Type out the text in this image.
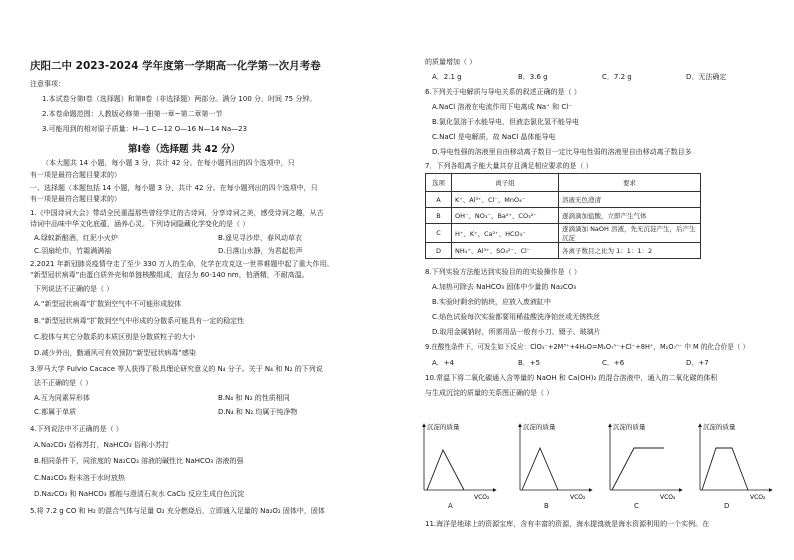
庆阳二中 2023-2024 学年度第一学期高一化学第一次月考卷
注意事项：
1.本试卷分第Ⅰ卷（选择题）和第Ⅱ卷（非选择题）两部分。满分 100 分，时间 75 分钟。
2.本卷命题范围：人教版必修第一册第一章~第二章第一节
3.可能用到的相对原子质量：H—1 C—12 O—16 N—14 Na—23
第Ⅰ卷（选择题 共 42 分）
（本大题共 14 小题，每小题 3 分，共计 42 分。在每小题列出的四个选项中，只
有一项是最符合题目要求的）
一、选择题（本题包括 14 小题，每小题 3 分，共计 42 分。在每小题列出的四个选项中，只
有一项是最符合题目要求的）
1.《中国诗词大会》带动全民重温那些曾经学过的古诗词，分享诗词之美，感受诗词之趣，从古
诗词中品味中华文化底蕴，涵养心灵。下列诗词隐藏化学变化的是（ ）
A.绿蚁新醅酒，红泥小火炉	B.遥见寻沙岸，春风动草衣
C.羽扇纶巾，竹霜满满袖	D.日落山水静，为君起松声
2.2021 年新冠肺炎疫情夺走了至少 330 万人的生命，化学在攻克这一世界难题中起了重大作用。
“新型冠状病毒”由蛋白质外壳和单链核酸组成，直径为 60-140 nm，怕酒精，不耐高温。
下列说法不正确的是（ ）
A.“新型冠状病毒”扩散到空气中不可能形成胶体
B.“新型冠状病毒”扩散到空气中形成的分散系可能具有一定的稳定性
C.胶体与其它分散系的本质区别是分散质粒子的大小
D.减少外出，勤通风可有效预防“新型冠状病毒”感染
3.罗马大学 Fulvio Cacace 等人获得了极具理论研究意义的 N₄ 分子。关于 N₄ 和 N₂ 的下列说
法不正确的是（ ）
A.互为同素异形体	B.N₄ 和 N₂ 的性质相同
C.都属于单质	D.N₄ 和 N₂ 均属于纯净物
4.下列说法中不正确的是（ ）
A.Na₂CO₃ 俗称苏打，NaHCO₃ 俗称小苏打
B.相同条件下，同浓度的 Na₂CO₃ 溶液的碱性比 NaHCO₃ 溶液的强
C.Na₂CO₃ 粉末溶于水时放热
D.Na₂CO₃ 和 NaHCO₃ 都能与澄清石灰水 CaCl₂ 反应生成白色沉淀
5.将 7.2 g CO 和 H₂ 的混合气体与足量 O₂ 充分燃烧后，立即通入足量的 Na₂O₂ 固体中，固体
的质量增加（ ）
A．2.1 g	B．3.6 g	C．7.2 g	D．无法确定
6.下列关于电解质与导电关系的叙述正确的是（ ）
A.NaCl 溶液在电流作用下电离成 Na⁺ 和 Cl⁻
B.氯化氢溶于水能导电，但液态氯化氢不能导电
C.NaCl 是电解质，故 NaCl 晶体能导电
D.导电性强的溶液里自由移动离子数目一定比导电性弱的溶液里自由移动离子数目多
7．下列各组离子能大量共存且满足相应要求的是（ ）
选项	离子组	要求
A	K⁺、Al³⁺、Cl⁻、MnO₄⁻	溶液无色澄清
B	OH⁻、NO₃⁻、Ba²⁺、CO₃²⁻	逐滴滴加盐酸，立即产生气体
C	H⁺、K⁺、Ca²⁺、HCO₃⁻	逐滴滴加 NaOH 溶液，先无沉淀产生，后产生沉淀
D	NH₄⁺、Al³⁺、SO₄²⁻、Cl⁻	各离子数目之比为 1：1：1：2
8.下列实验方法能达到实验目的的实验操作是（ ）
A.加热可除去 NaHCO₃ 固体中少量的 Na₂CO₃
B.实验时剩余的钠块，应放入废液缸中
C.焰色试验每次实验都要用稀盐酸洗净铂丝或无锈铁丝
D.取用金属钠时，所需用品一般有小刀、镊子、玻璃片
9.在酸性条件下，可发生如下反应：ClO₃⁻+2M³⁺+4H₂O=M₂O₇ⁿ⁻+Cl⁻+8H⁺，M₂O₇ⁿ⁻ 中 M 的化合价是（ ）
A．+4	B．+5	C．+6	D．+7
10.常温下将二氧化碳通入含等量的 NaOH 和 Ca(OH)₂ 的混合溶液中，通入的二氧化碳的体积
与生成沉淀的质量的关系图正确的是（ ）
沉淀的质量
VCO₂
沉淀的质量
VCO₂
沉淀的质量
VCO₂
沉淀的质量
VCO₂
A	B	C	D
11.海洋是地球上的资源宝库，含有丰富的资源，海水提溴就是海水资源利用的一个实例。在
